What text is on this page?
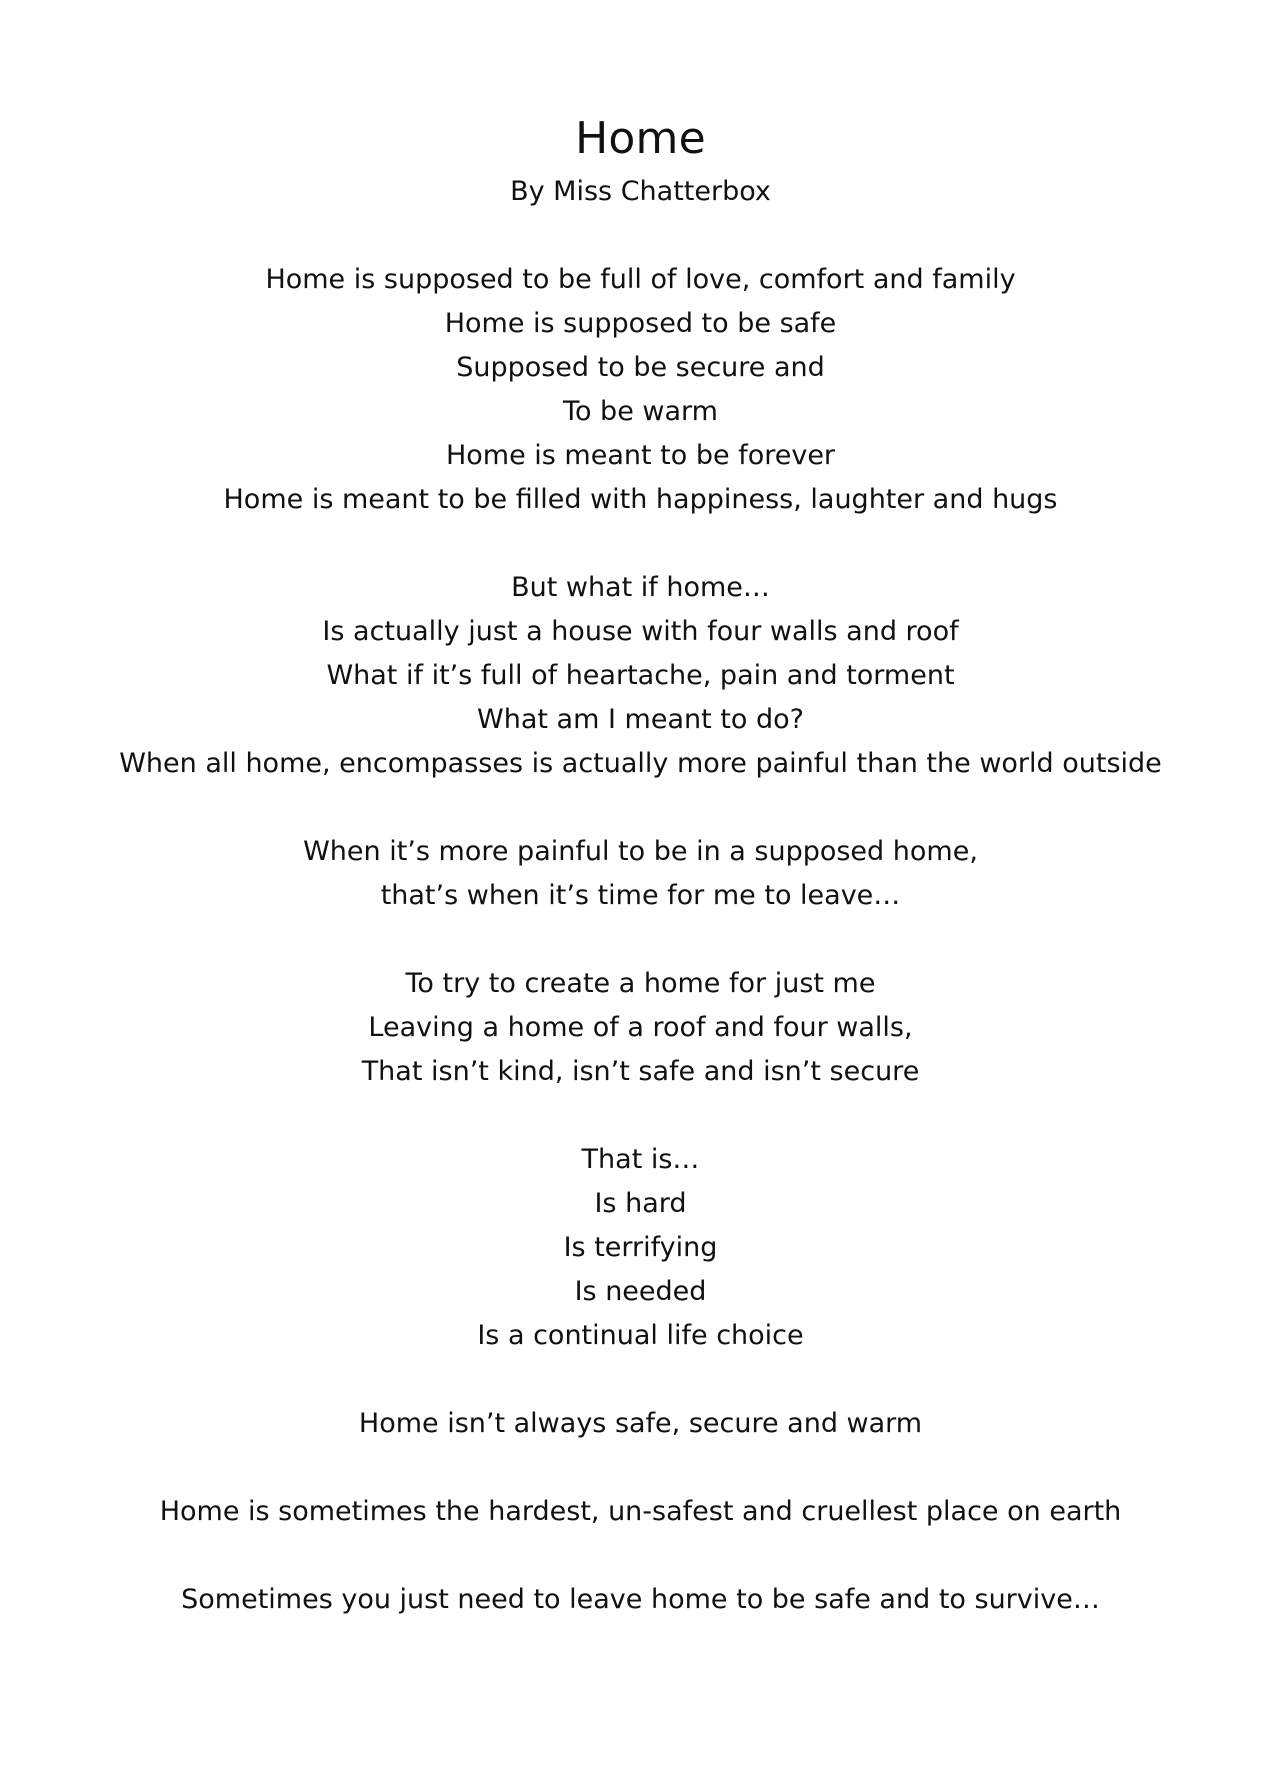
Home

By Miss Chatterbox

Home is supposed to be full of love, comfort and family
Home is supposed to be safe
Supposed to be secure and
To be warm
Home is meant to be forever
Home is meant to be filled with happiness, laughter and hugs
But what if home…
Is actually just a house with four walls and roof
What if it’s full of heartache, pain and torment
What am I meant to do?
When all home, encompasses is actually more painful than the world outside
When it’s more painful to be in a supposed home,
that’s when it’s time for me to leave…
To try to create a home for just me
Leaving a home of a roof and four walls,
That isn’t kind, isn’t safe and isn’t secure
That is…
Is hard
Is terrifying
Is needed
Is a continual life choice
Home isn’t always safe, secure and warm
Home is sometimes the hardest, un-safest and cruellest place on earth
Sometimes you just need to leave home to be safe and to survive…
